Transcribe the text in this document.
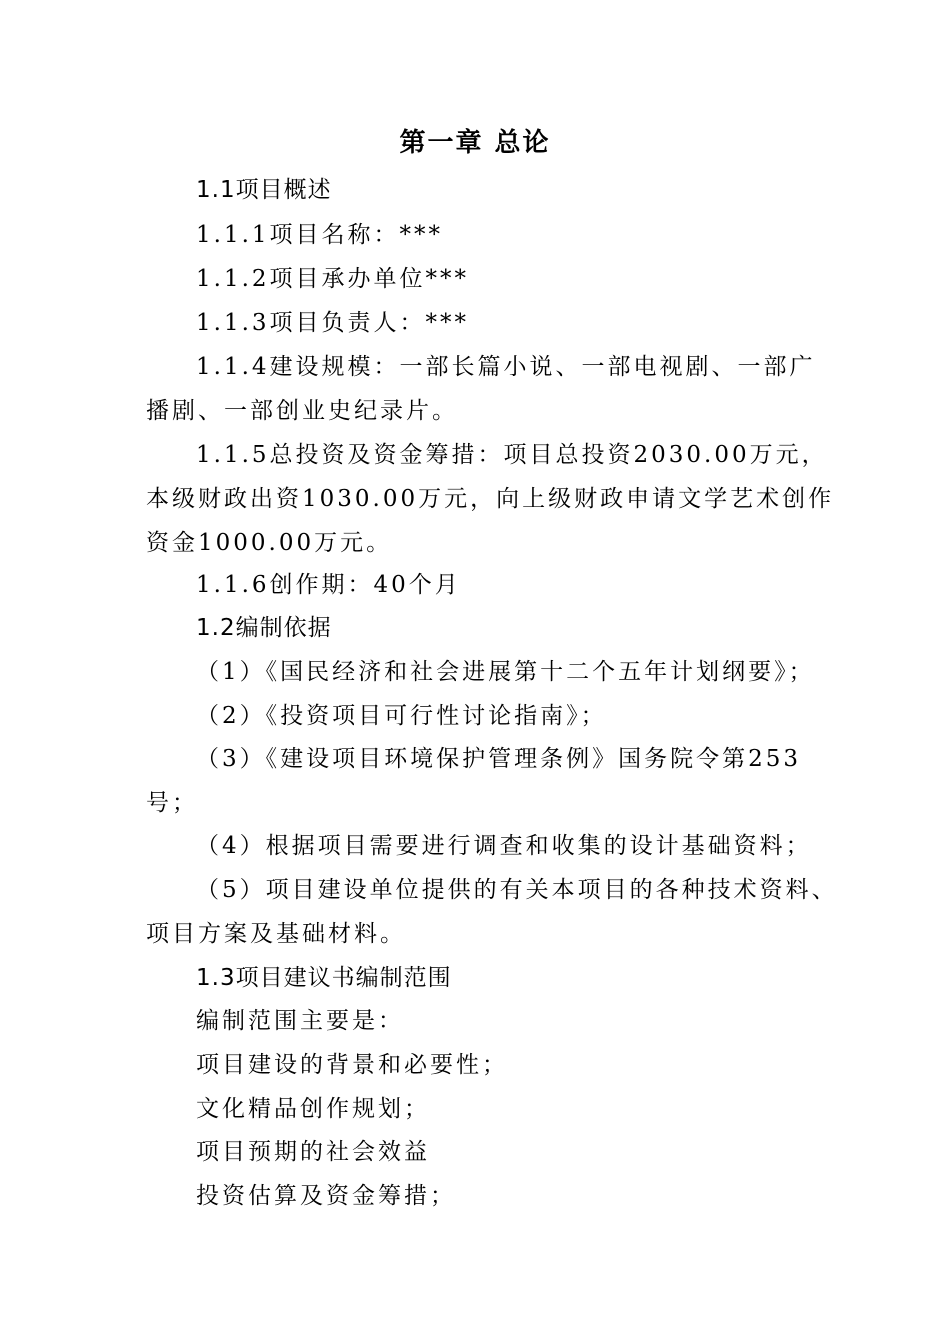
第一章 总论
1.1项目概述
1.1.1项目名称：***
1.1.2项目承办单位***
1.1.3项目负责人：***
1.1.4建设规模：一部长篇小说、一部电视剧、一部广
播剧、一部创业史纪录片。
1.1.5总投资及资金筹措：项目总投资2030.00万元，
本级财政出资1030.00万元，向上级财政申请文学艺术创作
资金1000.00万元。
1.1.6创作期：40个月
1.2编制依据
（1）《国民经济和社会进展第十二个五年计划纲要》；
（2）《投资项目可行性讨论指南》；
（3）《建设项目环境保护管理条例》国务院令第253
号；
（4）根据项目需要进行调查和收集的设计基础资料；
（5）项目建设单位提供的有关本项目的各种技术资料、
项目方案及基础材料。
1.3项目建议书编制范围
编制范围主要是：
项目建设的背景和必要性；
文化精品创作规划；
项目预期的社会效益
投资估算及资金筹措；
